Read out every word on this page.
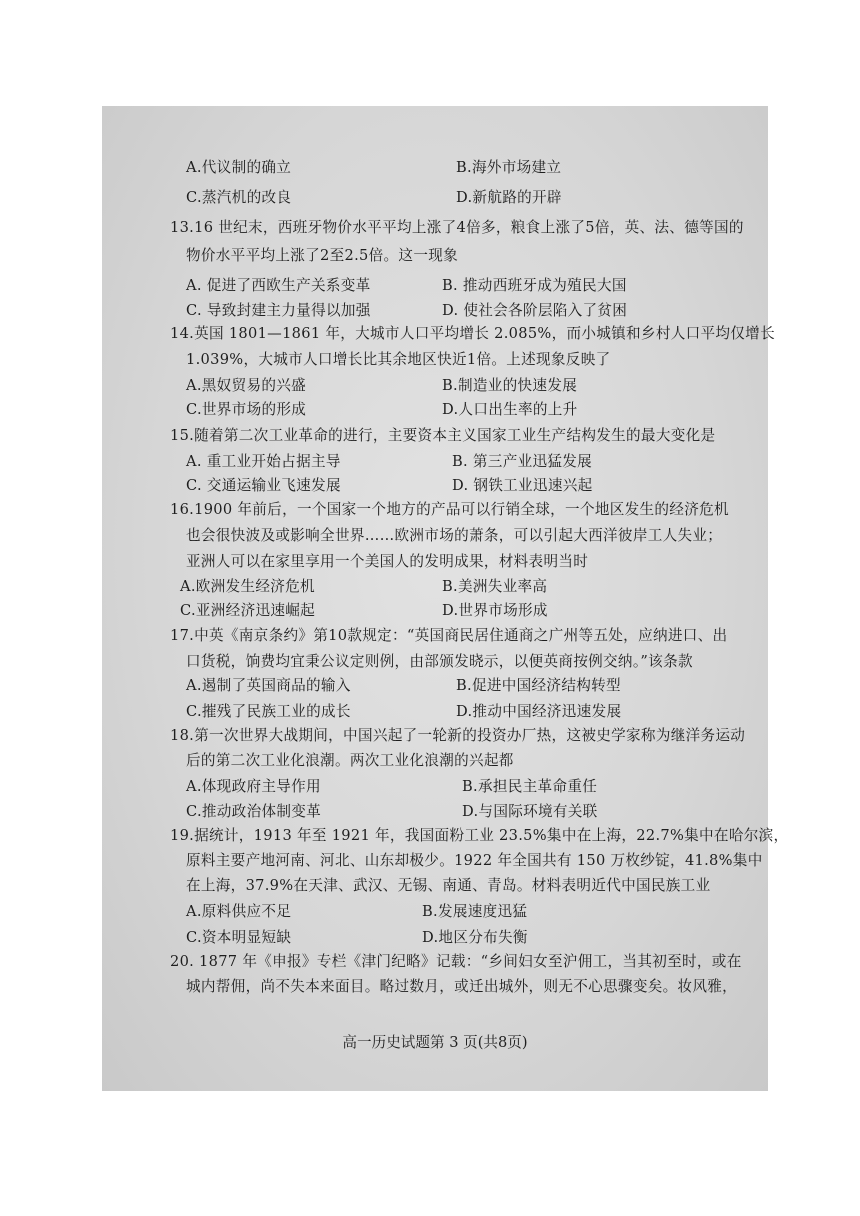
A.代议制的确立	B.海外市场建立
C.蒸汽机的改良	D.新航路的开辟
13.16 世纪末，西班牙物价水平平均上涨了4倍多，粮食上涨了5倍，英、法、德等国的
物价水平平均上涨了2至2.5倍。这一现象
A. 促进了西欧生产关系变革	B. 推动西班牙成为殖民大国
C. 导致封建主力量得以加强	D. 使社会各阶层陷入了贫困
14.英国 1801—1861 年，大城市人口平均增长 2.085%，而小城镇和乡村人口平均仅增长
1.039%，大城市人口增长比其余地区快近1倍。上述现象反映了
A.黑奴贸易的兴盛	B.制造业的快速发展
C.世界市场的形成	D.人口出生率的上升
15.随着第二次工业革命的进行，主要资本主义国家工业生产结构发生的最大变化是
A. 重工业开始占据主导	B. 第三产业迅猛发展
C. 交通运输业飞速发展	D. 钢铁工业迅速兴起
16.1900 年前后，一个国家一个地方的产品可以行销全球，一个地区发生的经济危机
也会很快波及或影响全世界……欧洲市场的萧条，可以引起大西洋彼岸工人失业；
亚洲人可以在家里享用一个美国人的发明成果，材料表明当时
A.欧洲发生经济危机	B.美洲失业率高
C.亚洲经济迅速崛起	D.世界市场形成
17.中英《南京条约》第10款规定：“英国商民居住通商之广州等五处，应纳进口、出
口货税，饷费均宜秉公议定则例，由部颁发晓示，以便英商按例交纳。”该条款
A.遏制了英国商品的输入	B.促进中国经济结构转型
C.摧残了民族工业的成长	D.推动中国经济迅速发展
18.第一次世界大战期间，中国兴起了一轮新的投资办厂热，这被史学家称为继洋务运动
后的第二次工业化浪潮。两次工业化浪潮的兴起都
A.体现政府主导作用	B.承担民主革命重任
C.推动政治体制变革	D.与国际环境有关联
19.据统计，1913 年至 1921 年，我国面粉工业 23.5%集中在上海，22.7%集中在哈尔滨，
原料主要产地河南、河北、山东却极少。1922 年全国共有 150 万枚纱锭，41.8%集中
在上海，37.9%在天津、武汉、无锡、南通、青岛。材料表明近代中国民族工业
A.原料供应不足	B.发展速度迅猛
C.资本明显短缺	D.地区分布失衡
20. 1877 年《申报》专栏《津门纪略》记载：“乡间妇女至沪佣工，当其初至时，或在
城内帮佣，尚不失本来面目。略过数月，或迁出城外，则无不心思骤变矣。妆风雅，
高一历史试题第 3 页(共8页)
